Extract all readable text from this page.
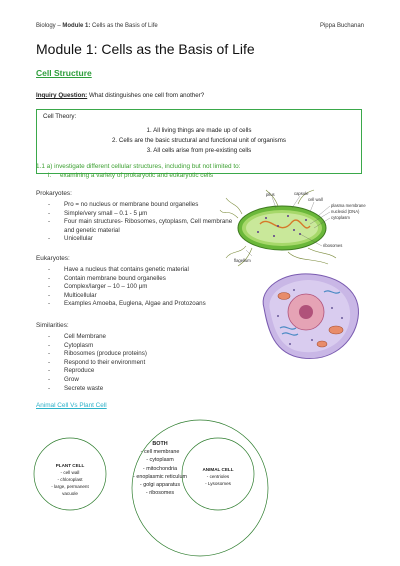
Biology – Module 1: Cells as the Basis of Life	Pippa Buchanan
Module 1: Cells as the Basis of Life
Cell Structure
Inquiry Question: What distinguishes one cell from another?
Cell Theory:
1. All living things are made up of cells
2. Cells are the basic structural and functional unit of organisms
3. All cells arise from pre-existing cells
1.1 a) investigate different cellular structures, including but not limited to:
i. examining a variety of prokaryotic and eukaryotic cells
Prokaryotes:
- Pro = no nucleus or membrane bound organelles
- Simple/very small – 0.1 - 5 μm
- Four main structures- Ribosomes, cytoplasm, Cell membrane and genetic material
- Unicellular
pilus	capsule
cell wall
plasma membrane
nucleoid (DNA)
cytoplasm
ribosomes
flagellum
Eukaryotes:
- Have a nucleus that contains genetic material
- Contain membrane bound organelles
- Complex/larger – 10 – 100 μm
- Multicellular
- Examples Amoeba, Euglena, Algae and Protozoans
Similarities:
- Cell Membrane
- Cytoplasm
- Ribosomes (produce proteins)
- Respond to their environment
- Reproduce
- Grow
- Secrete waste
Animal Cell Vs Plant Cell
PLANT CELL
- cell wall
- chloroplast
- large, permanent
vacuole
BOTH
- cell membrane
- cytoplasm
- mitochondria
- enoplasmic reticulum
- golgi apparatus
- ribosomes
ANIMAL CELL
- centrioles
- Lysosomes
